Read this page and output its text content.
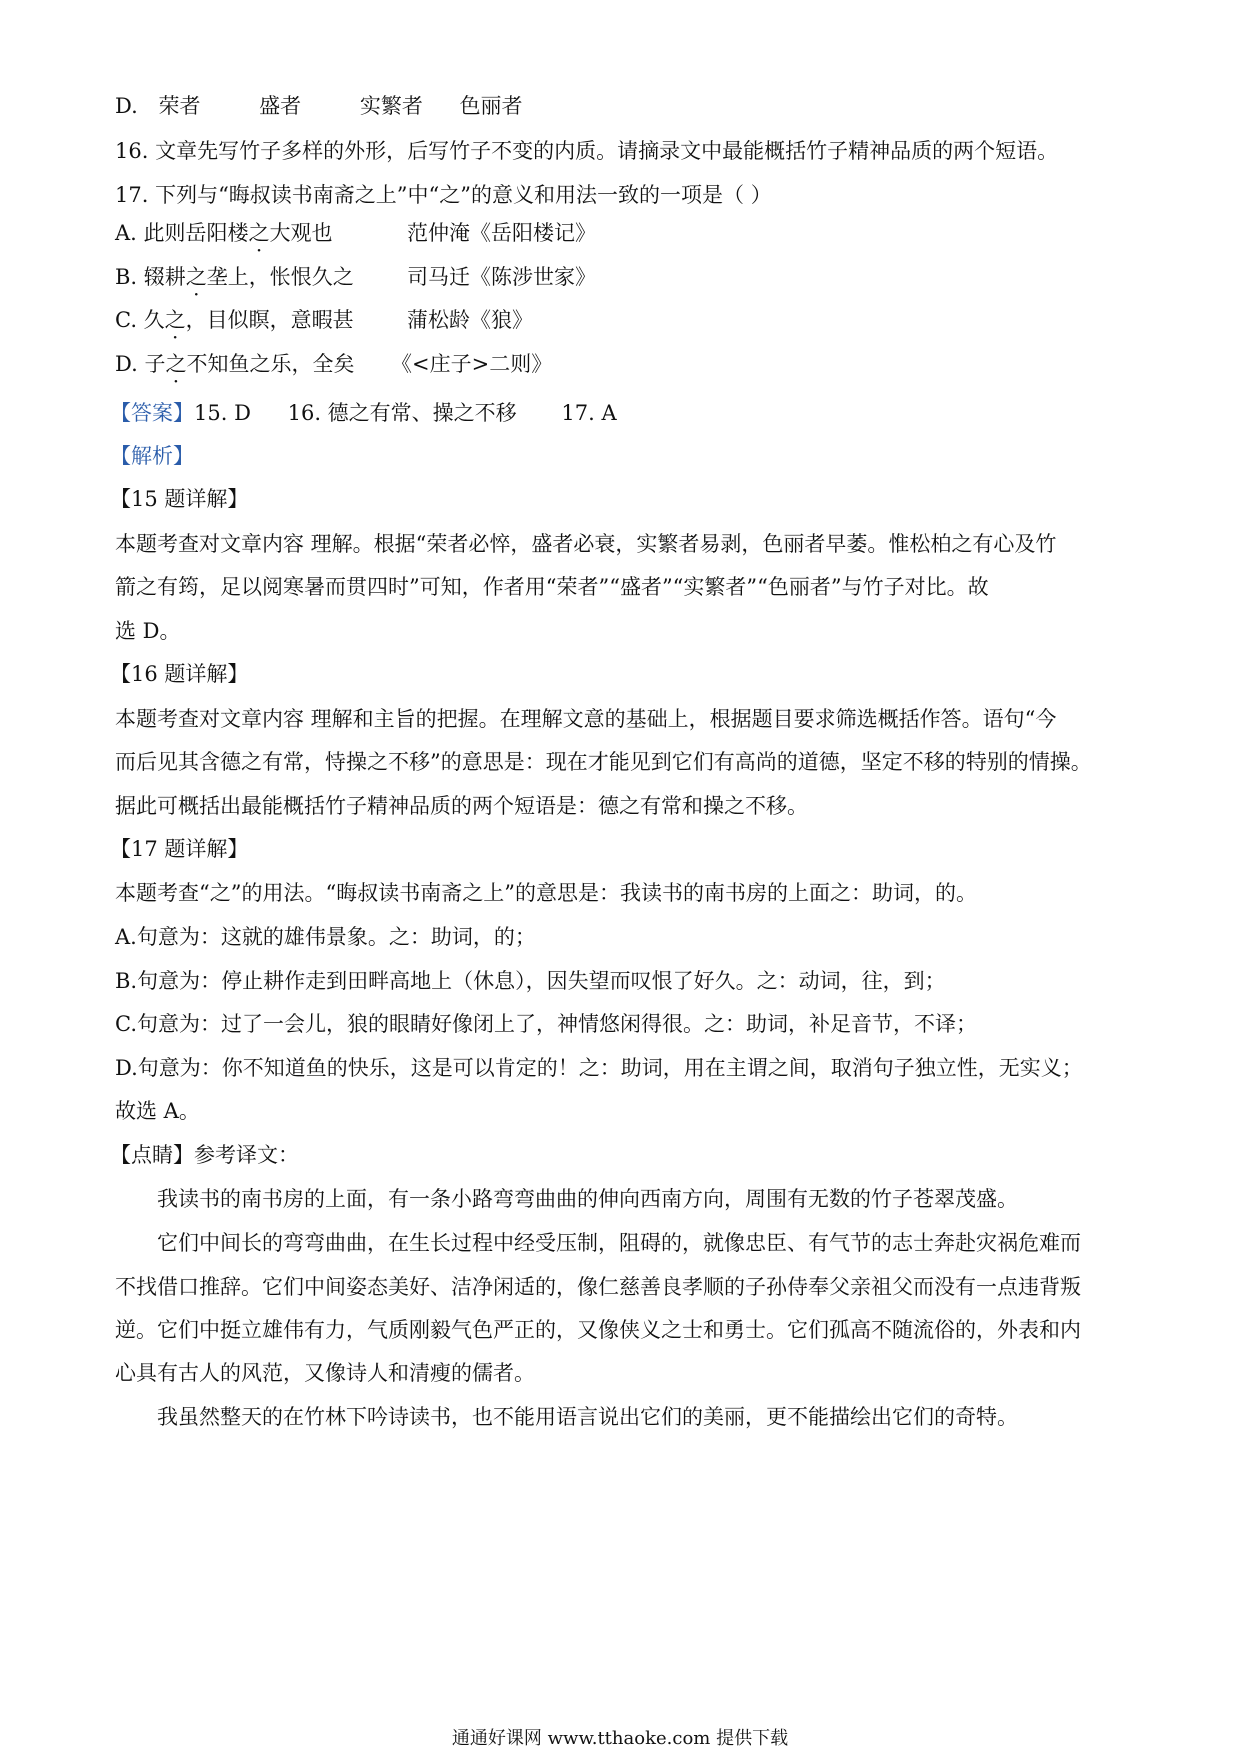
D. 荣者	盛者	实繁者 色丽者
16. 文章先写竹子多样的外形，后写竹子不变的内质。请摘录文中最能概括竹子精神品质的两个短语。
17. 下列与“晦叔读书南斋之上”中“之”的意义和用法一致的一项是（ ）
A. 此则岳阳楼之大观也	范仲淹《岳阳楼记》
B. 辍耕之垄上，怅恨久之	司马迁《陈涉世家》
C. 久之，目似瞑，意暇甚	蒲松龄《狼》
D. 子之不知鱼之乐，全矣 《<庄子>二则》
【答案】15. D 16. 德之有常、操之不移 17. A
【解析】
【15 题详解】
本题考查对文章内容 理解。根据“荣者必悴，盛者必衰，实繁者易剥，色丽者早萎。惟松柏之有心及竹
箭之有筠，足以阅寒暑而贯四时”可知，作者用“荣者”“盛者”“实繁者”“色丽者”与竹子对比。故
选 D。
【16 题详解】
本题考查对文章内容 理解和主旨的把握。在理解文意的基础上，根据题目要求筛选概括作答。语句“今
而后见其含德之有常，恃操之不移”的意思是：现在才能见到它们有高尚的道德，坚定不移的特别的情操。
据此可概括出最能概括竹子精神品质的两个短语是：德之有常和操之不移。
【17 题详解】
本题考查“之”的用法。“晦叔读书南斋之上”的意思是：我读书的南书房的上面之：助词，的。
A.句意为：这就的雄伟景象。之：助词，的；
B.句意为：停止耕作走到田畔高地上（休息），因失望而叹恨了好久。之：动词，往，到；
C.句意为：过了一会儿，狼的眼睛好像闭上了，神情悠闲得很。之：助词，补足音节，不译；
D.句意为：你不知道鱼的快乐，这是可以肯定的！之：助词，用在主谓之间，取消句子独立性，无实义；
故选 A。
【点睛】参考译文：
我读书的南书房的上面，有一条小路弯弯曲曲的伸向西南方向，周围有无数的竹子苍翠茂盛。
它们中间长的弯弯曲曲，在生长过程中经受压制，阻碍的，就像忠臣、有气节的志士奔赴灾祸危难而
不找借口推辞。它们中间姿态美好、洁净闲适的，像仁慈善良孝顺的子孙侍奉父亲祖父而没有一点违背叛
逆。它们中挺立雄伟有力，气质刚毅气色严正的，又像侠义之士和勇士。它们孤高不随流俗的，外表和内
心具有古人的风范，又像诗人和清瘦的儒者。
我虽然整天的在竹林下吟诗读书，也不能用语言说出它们的美丽，更不能描绘出它们的奇特。
通通好课网 www.tthaoke.com 提供下载
